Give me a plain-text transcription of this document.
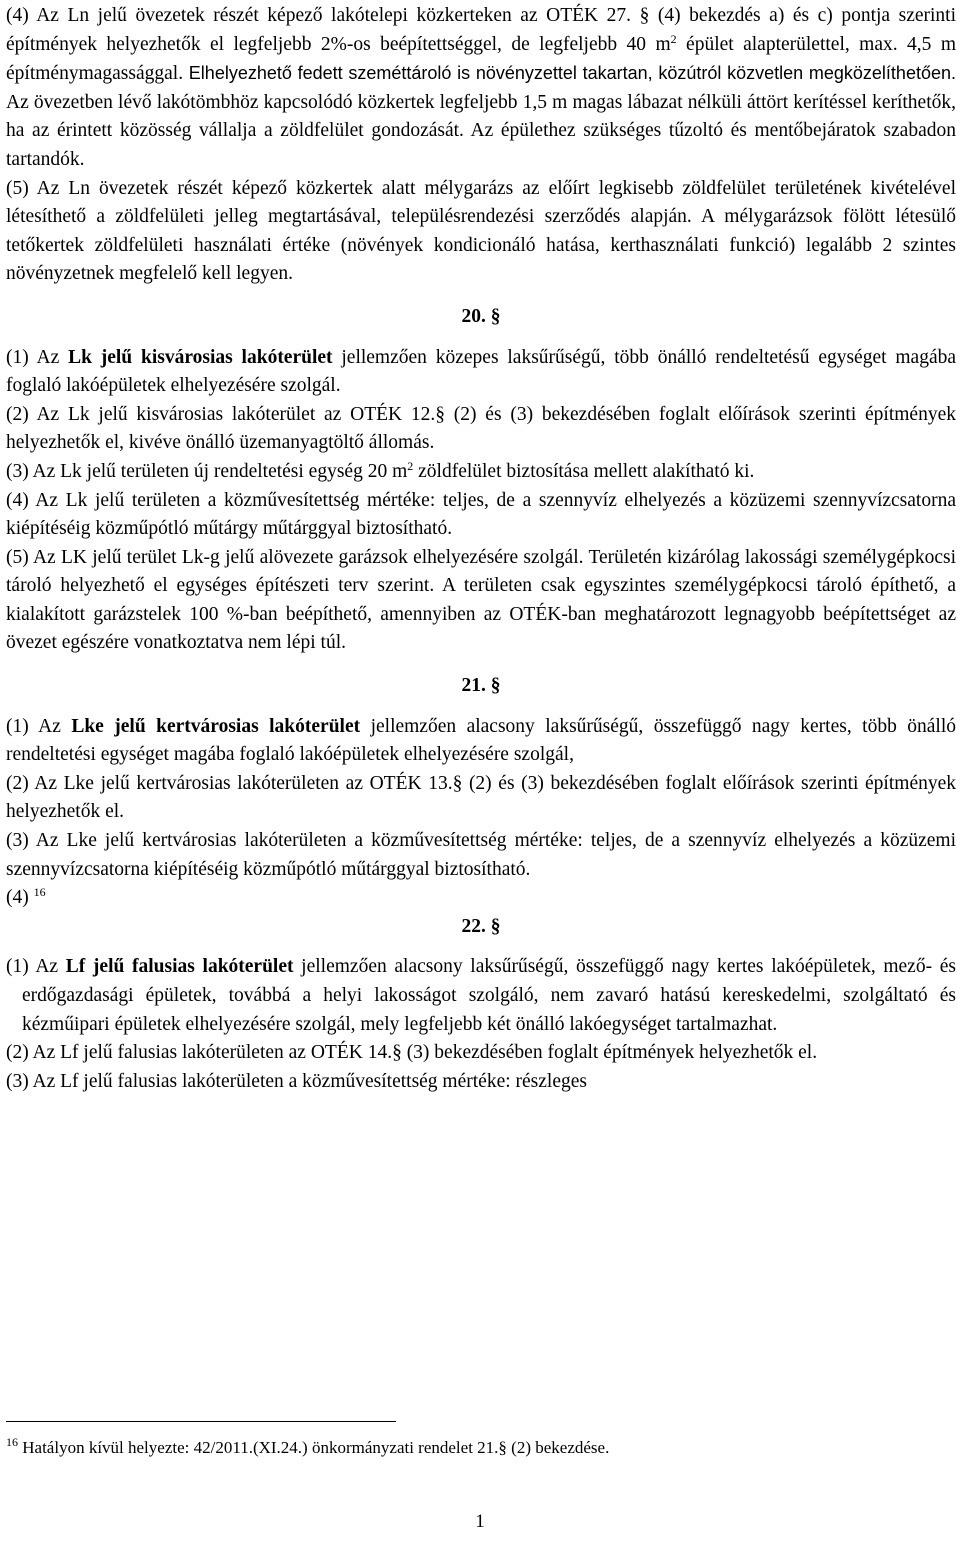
(4) Az Ln jelű övezetek részét képező lakótelepi közkerteken az OTÉK 27. § (4) bekezdés a) és c) pontja szerinti építmények helyezhetők el legfeljebb 2%-os beépítettséggel, de legfeljebb 40 $m^2$ épület alapterülettel, max. 4,5 m építménymagassággal. Elhelyezhető fedett szeméttároló is növényzettel takartan, közútról közvetlen megközelíthetően. Az övezetben lévő lakótömbhöz kapcsolódó közkertek legfeljebb 1,5 m magas lábazat nélküli áttört kerítéssel keríthetők, ha az érintett közösség vállalja a zöldfelület gondozását. Az épülethez szükséges tűzoltó és mentőbejáratok szabadon tartandók.

(5) Az Ln övezetek részét képező közkertek alatt mélygarázs az előírt legkisebb zöldfelület területének kivételével létesíthető a zöldfelületi jelleg megtartásával, településrendezési szerződés alapján. A mélygarázsok fölött létesülő tetőkertek zöldfelületi használati értéke (növények kondicionáló hatása, kerthasználati funkció) legalább 2 szintes növényzetnek megfelelő kell legyen.

20. §

(1) Az Lk jelű kisvárosias lakóterület jellemzően közepes laksűrűségű, több önálló rendeltetésű egységet magába foglaló lakóépületek elhelyezésére szolgál.

(2) Az Lk jelű kisvárosias lakóterület az OTÉK 12.§ (2) és (3) bekezdésében foglalt előírások szerinti építmények helyezhetők el, kivéve önálló üzemanyagtöltő állomás.

(3) Az Lk jelű területen új rendeltetési egység 20 $m^2$ zöldfelület biztosítása mellett alakítható ki.

(4) Az Lk jelű területen a közművesítettség mértéke: teljes, de a szennyvíz elhelyezés a közüzemi szennyvízcsatorna kiépítéséig közműpótló műtárgy műtárggyal biztosítható.

(5) Az LK jelű terület Lk-g jelű alövezete garázsok elhelyezésére szolgál. Területén kizárólag lakossági személygépkocsi tároló helyezhető el egységes építészeti terv szerint. A területen csak egyszintes személygépkocsi tároló építhető, a kialakított garázstelek 100 %-ban beépíthető, amennyiben az OTÉK-ban meghatározott legnagyobb beépítettséget az övezet egészére vonatkoztatva nem lépi túl.

21. §

(1) Az Lke jelű kertvárosias lakóterület jellemzően alacsony laksűrűségű, összefüggő nagy kertes, több önálló rendeltetési egységet magába foglaló lakóépületek elhelyezésére szolgál,

(2) Az Lke jelű kertvárosias lakóterületen az OTÉK 13.§ (2) és (3) bekezdésében foglalt előírások szerinti építmények helyezhetők el.

(3) Az Lke jelű kertvárosias lakóterületen a közművesítettség mértéke: teljes, de a szennyvíz elhelyezés a közüzemi szennyvízcsatorna kiépítéséig közműpótló műtárggyal biztosítható.

(4) $^{16}$

22. §

(1) Az Lf jelű falusias lakóterület jellemzően alacsony laksűrűségű, összefüggő nagy kertes lakóépületek, mező- és erdőgazdasági épületek, továbbá a helyi lakosságot szolgáló, nem zavaró hatású kereskedelmi, szolgáltató és kézműipari épületek elhelyezésére szolgál, mely legfeljebb két önálló lakóegységet tartalmazhat.

(2) Az Lf jelű falusias lakóterületen az OTÉK 14.§ (3) bekezdésében foglalt építmények helyezhetők el.

(3) Az Lf jelű falusias lakóterületen a közművesítettség mértéke: részleges

$^{16}$ Hatályon kívül helyezte: 42/2011.(XI.24.) önkormányzati rendelet 21.§ (2) bekezdése.
1
